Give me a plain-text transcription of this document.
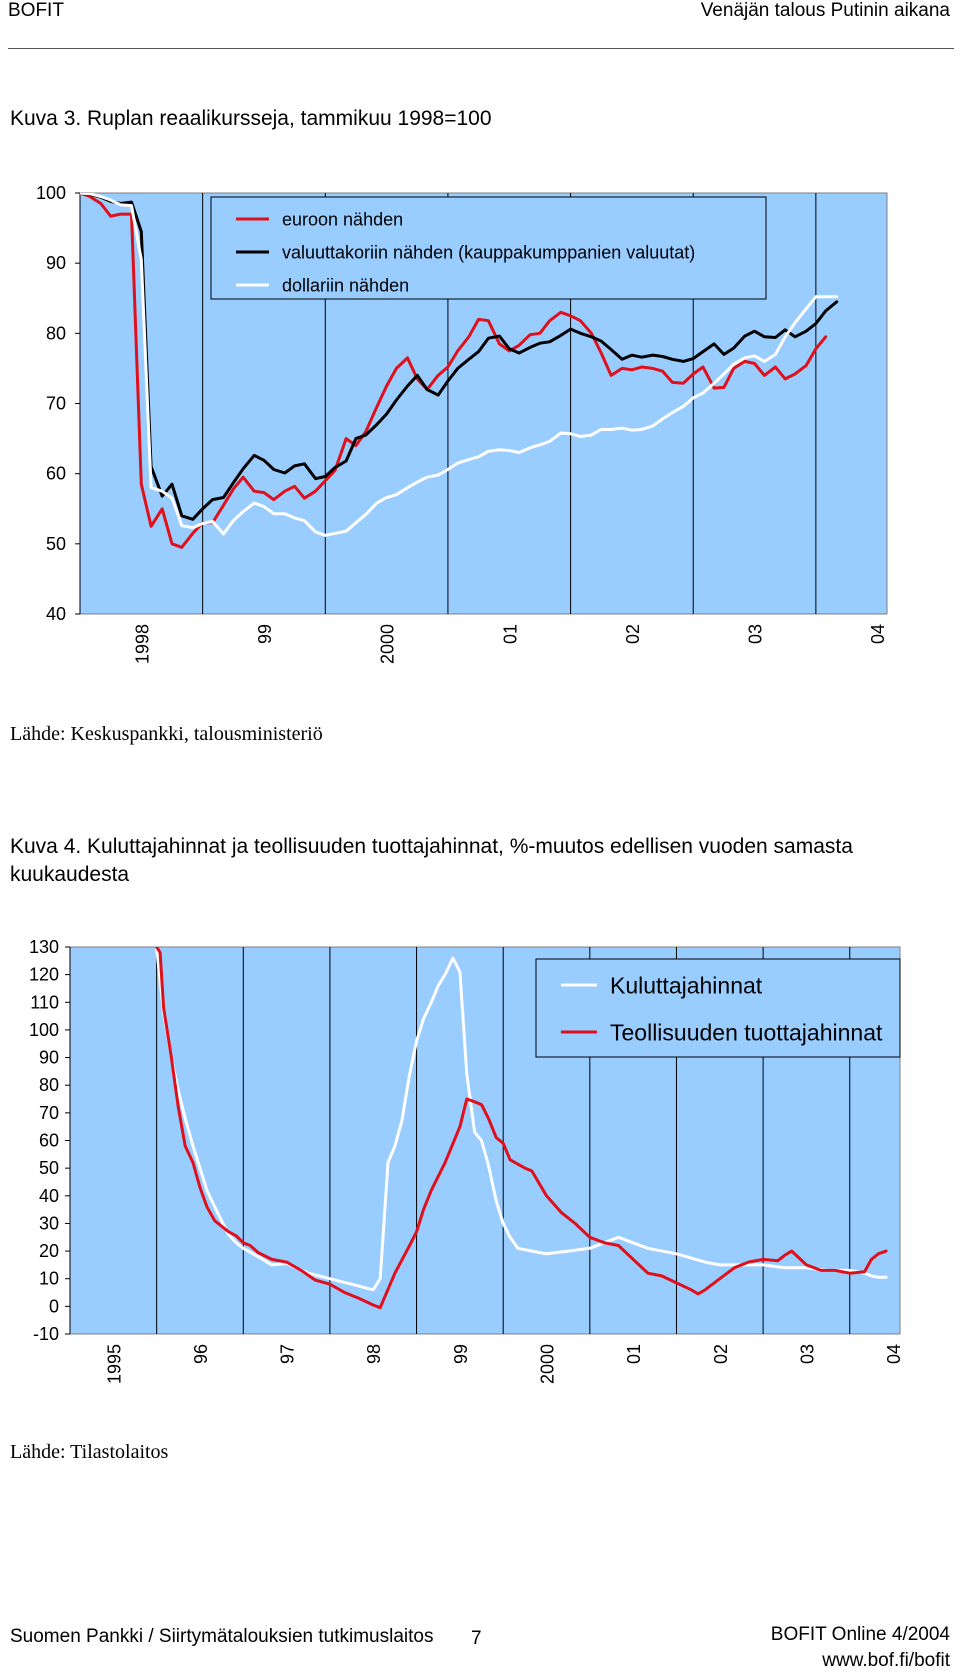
BOFIT	Venäjän talous Putinin aikana
Kuva 3. Ruplan reaalikursseja, tammikuu 1998=100
40
50
60
70
80
90
100
1998	99	2000	01	02	03	04
euroon nähden
valuuttakoriin nähden (kauppakumppanien valuutat)
dollariin nähden
Lähde: Keskuspankki, talousministeriö
Kuva 4. Kuluttajahinnat ja teollisuuden tuottajahinnat, %-muutos edellisen vuoden samasta kuukaudesta
-10
0
10
20
30
40
50
60
70
80
90
100
110
120
130
1995	96	97	98	99	2000	01	02	03	04
Kuluttajahinnat
Teollisuuden tuottajahinnat
Lähde: Tilastolaitos
Suomen Pankki / Siirtymätalouksien tutkimuslaitos 7	BOFIT Online 4/2004
www.bof.fi/bofit
